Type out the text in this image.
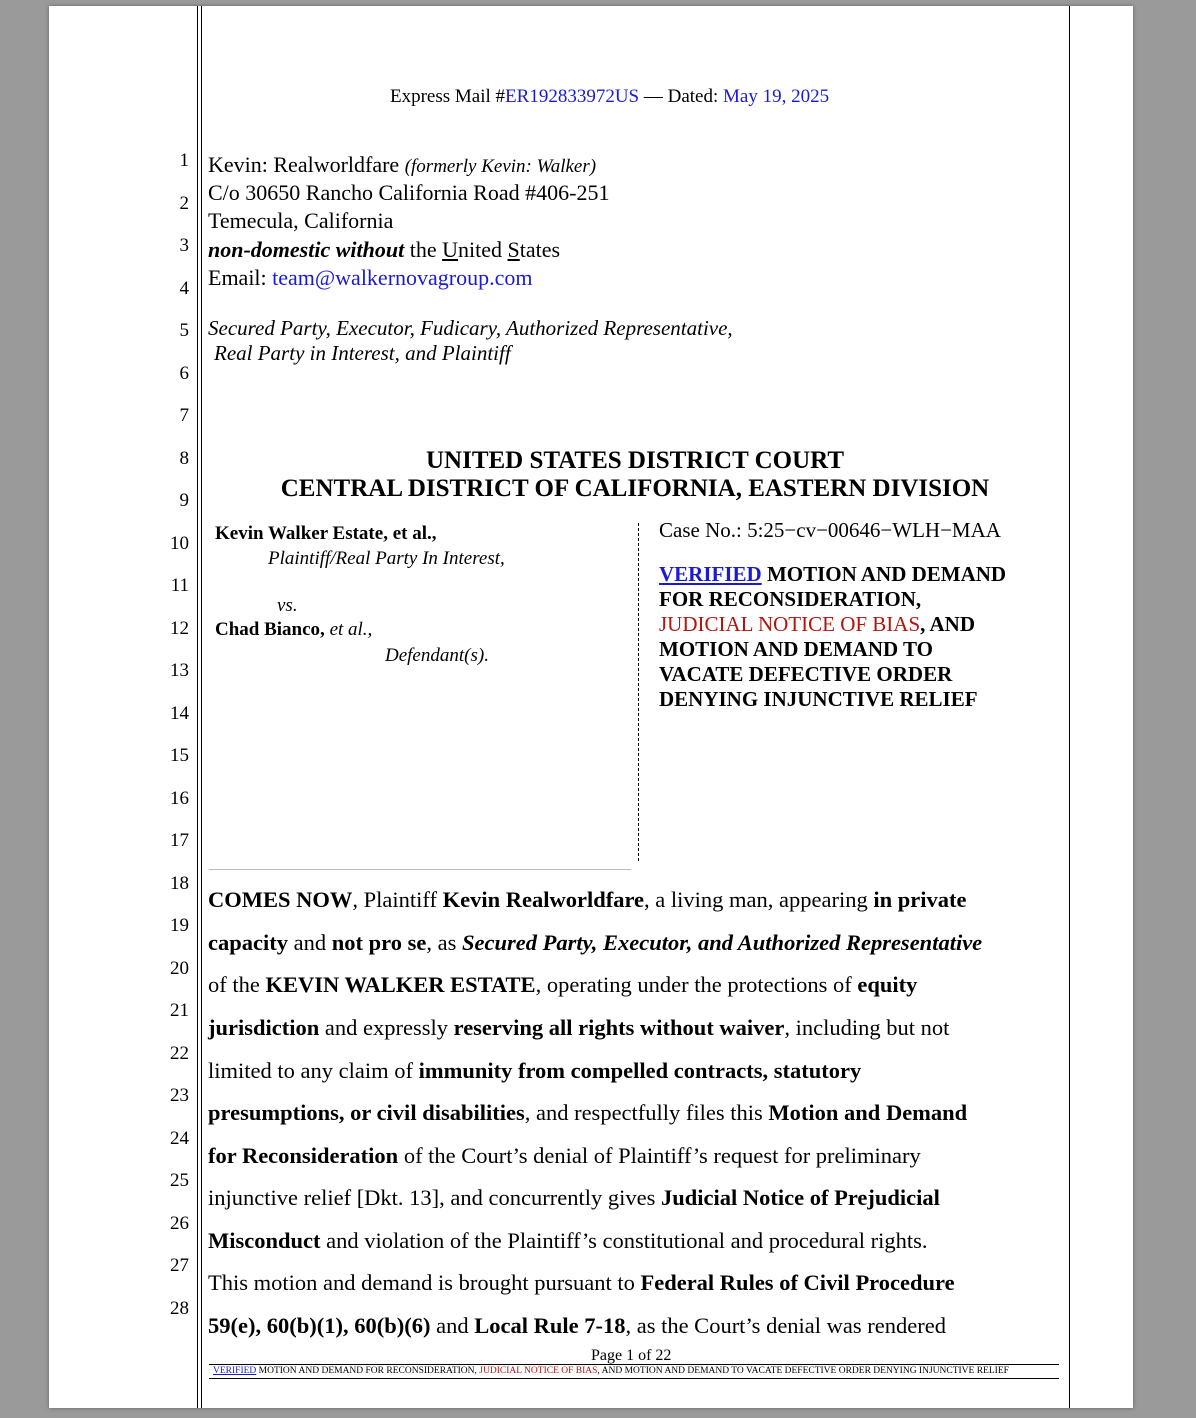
Express Mail #ER192833972US — Dated: May 19, 2025
1
2
3
4
5
6
7
8
9
10
11
12
13
14
15
16
17
18
19
20
21
22
23
24
25
26
27
28
Kevin: Realworldfare (formerly Kevin: Walker)
C/o 30650 Rancho California Road #406-251
Temecula, California
non-domestic without the United States
Email: team@walkernovagroup.com
Secured Party, Executor, Fudicary, Authorized Representative,
Real Party in Interest, and Plaintiff
UNITED STATES DISTRICT COURT
CENTRAL DISTRICT OF CALIFORNIA, EASTERN DIVISION
Kevin Walker Estate, et al.,
Plaintiff/Real Party In Interest,
vs.
Chad Bianco, et al.,
Defendant(s).
Case No.: 5:25−cv−00646−WLH−MAA
VERIFIED MOTION AND DEMAND
FOR RECONSIDERATION,
JUDICIAL NOTICE OF BIAS, AND
MOTION AND DEMAND TO
VACATE DEFECTIVE ORDER
DENYING INJUNCTIVE RELIEF
COMES NOW, Plaintiff Kevin Realworldfare, a living man, appearing in private
capacity and not pro se, as Secured Party, Executor, and Authorized Representative
of the KEVIN WALKER ESTATE, operating under the protections of equity
jurisdiction and expressly reserving all rights without waiver, including but not
limited to any claim of immunity from compelled contracts, statutory
presumptions, or civil disabilities, and respectfully files this Motion and Demand
for Reconsideration of the Court’s denial of Plaintiff’s request for preliminary
injunctive relief [Dkt. 13], and concurrently gives Judicial Notice of Prejudicial
Misconduct and violation of the Plaintiff’s constitutional and procedural rights.
This motion and demand is brought pursuant to Federal Rules of Civil Procedure
59(e), 60(b)(1), 60(b)(6) and Local Rule 7-18, as the Court’s denial was rendered
Page 1 of 22
VERIFIED MOTION AND DEMAND FOR RECONSIDERATION, JUDICIAL NOTICE OF BIAS, AND MOTION AND DEMAND TO VACATE DEFECTIVE ORDER DENYING INJUNCTIVE RELIEF
